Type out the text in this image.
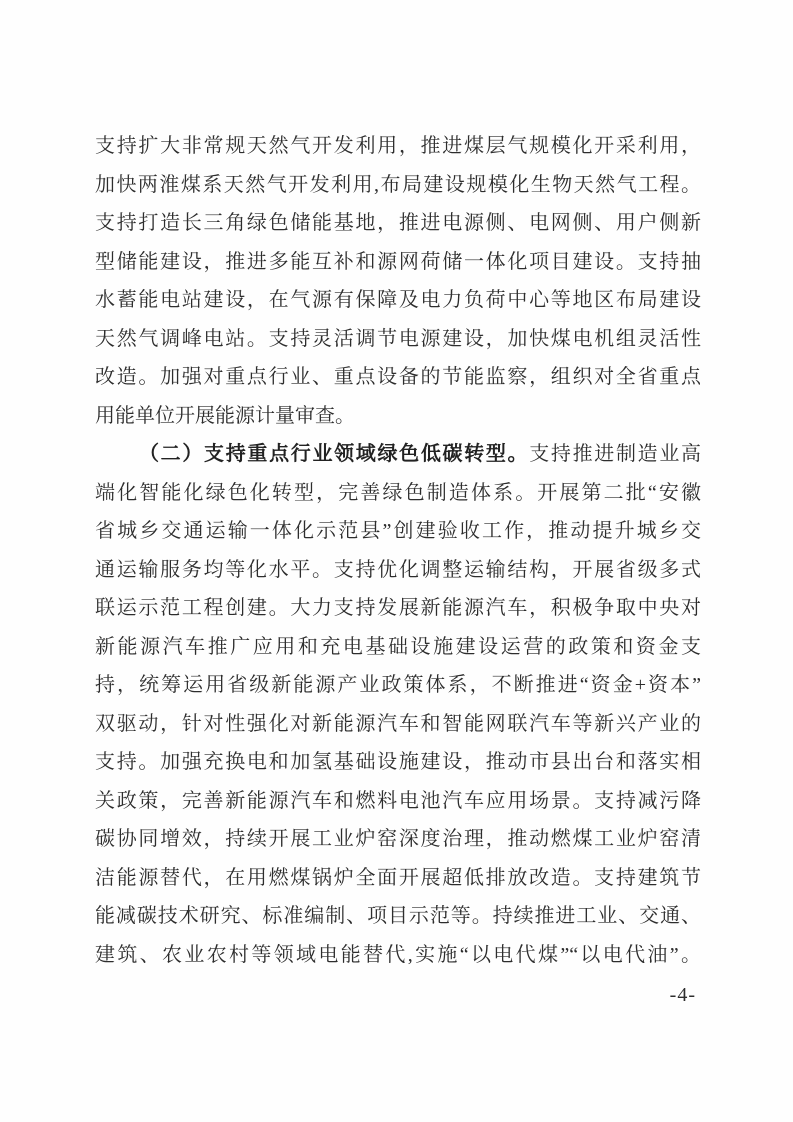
支持扩大非常规天然气开发利用，推进煤层气规模化开采利用，
加快两淮煤系天然气开发利用,布局建设规模化生物天然气工程。
支持打造长三角绿色储能基地，推进电源侧、电网侧、用户侧新
型储能建设，推进多能互补和源网荷储一体化项目建设。支持抽
水蓄能电站建设，在气源有保障及电力负荷中心等地区布局建设
天然气调峰电站。支持灵活调节电源建设，加快煤电机组灵活性
改造。加强对重点行业、重点设备的节能监察，组织对全省重点
用能单位开展能源计量审查。
（二）支持重点行业领域绿色低碳转型。支持推进制造业高
端化智能化绿色化转型，完善绿色制造体系。开展第二批“安徽
省城乡交通运输一体化示范县”创建验收工作，推动提升城乡交
通运输服务均等化水平。支持优化调整运输结构，开展省级多式
联运示范工程创建。大力支持发展新能源汽车，积极争取中央对
新能源汽车推广应用和充电基础设施建设运营的政策和资金支
持，统筹运用省级新能源产业政策体系，不断推进“资金+资本”
双驱动，针对性强化对新能源汽车和智能网联汽车等新兴产业的
支持。加强充换电和加氢基础设施建设，推动市县出台和落实相
关政策，完善新能源汽车和燃料电池汽车应用场景。支持减污降
碳协同增效，持续开展工业炉窑深度治理，推动燃煤工业炉窑清
洁能源替代，在用燃煤锅炉全面开展超低排放改造。支持建筑节
能减碳技术研究、标准编制、项目示范等。持续推进工业、交通、
建筑、农业农村等领域电能替代,实施“以电代煤”“以电代油”。
-4-
